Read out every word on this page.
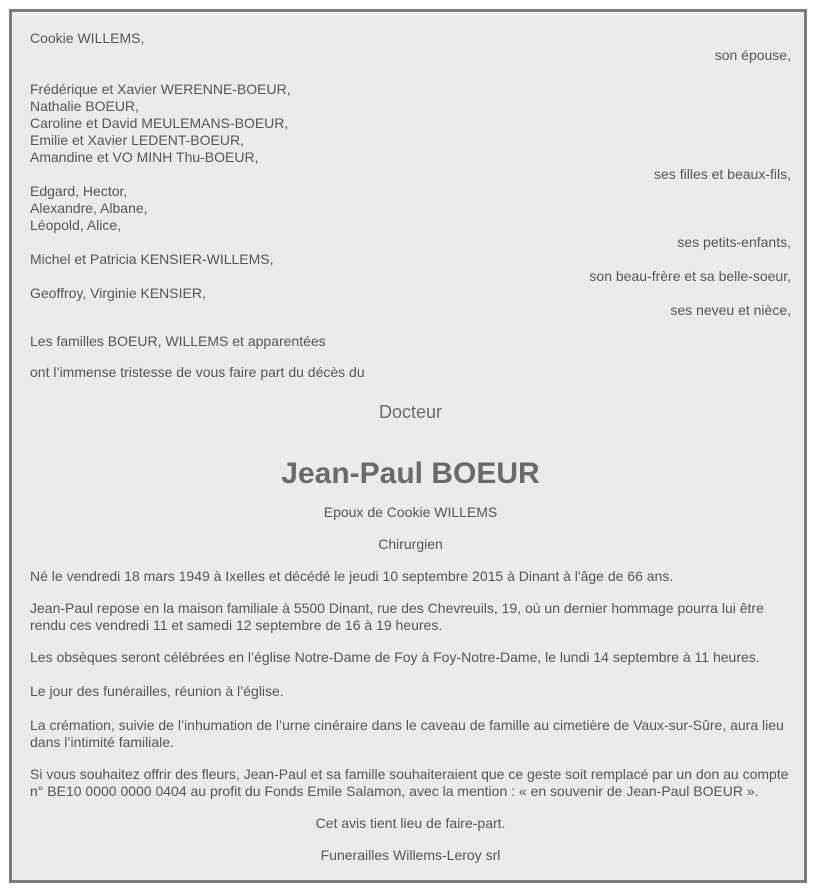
Cookie WILLEMS,
son épouse,
Frédérique et Xavier WERENNE-BOEUR,
Nathalie BOEUR,
Caroline et David MEULEMANS-BOEUR,
Emilie et Xavier LEDENT-BOEUR,
Amandine et VO MINH Thu-BOEUR,
ses filles et beaux-fils,
Edgard, Hector,
Alexandre, Albane,
Léopold, Alice,
ses petits-enfants,
Michel et Patricia KENSIER-WILLEMS,
son beau-frère et sa belle-soeur,
Geoffroy, Virginie KENSIER,
ses neveu et nièce,
Les familles BOEUR, WILLEMS et apparentées
ont l’immense tristesse de vous faire part du décès du
Docteur
Jean-Paul BOEUR
Epoux de Cookie WILLEMS
Chirurgien

Né le vendredi 18 mars 1949 à Ixelles et décédé le jeudi 10 septembre 2015 à Dinant à l'âge de 66 ans.

Jean-Paul repose en la maison familiale à 5500 Dinant, rue des Chevreuils, 19, où un dernier hommage pourra lui être rendu ces vendredi 11 et samedi 12 septembre de 16 à 19 heures.

Les obsèques seront célébrées en l’église Notre-Dame de Foy à Foy-Notre-Dame, le lundi 14 septembre à 11 heures.

Le jour des funérailles, réunion à l’église.

La crémation, suivie de l’inhumation de l’urne cinéraire dans le caveau de famille au cimetière de Vaux-sur-Sûre, aura lieu dans l’intimité familiale.

Si vous souhaitez offrir des fleurs, Jean-Paul et sa famille souhaiteraient que ce geste soit remplacé par un don au compte n° BE10 0000 0000 0404 au profit du Fonds Emile Salamon, avec la mention : « en souvenir de Jean-Paul BOEUR ».

Cet avis tient lieu de faire-part.
Funerailles Willems-Leroy srl
